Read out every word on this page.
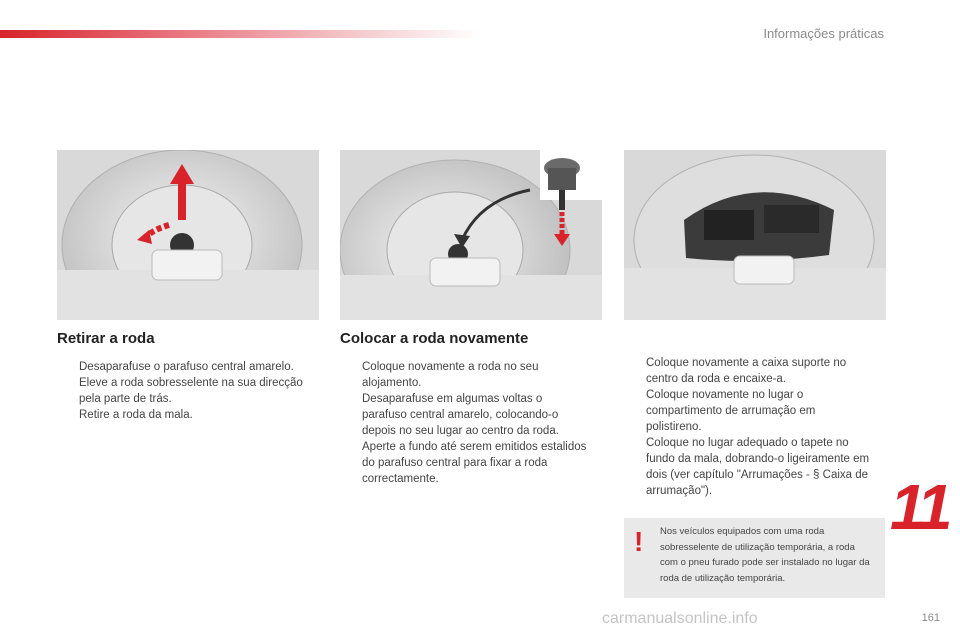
Informações práticas
Retirar a roda
Desaparafuse o parafuso central amarelo.
Eleve a roda sobresselente na sua direcção pela parte de trás.
Retire a roda da mala.
Colocar a roda novamente
Coloque novamente a roda no seu alojamento.
Desaparafuse em algumas voltas o parafuso central amarelo, colocando-o depois no seu lugar ao centro da roda.
Aperte a fundo até serem emitidos estalidos do parafuso central para fixar a roda correctamente.
Coloque novamente a caixa suporte no centro da roda e encaixe-a.
Coloque novamente no lugar o compartimento de arrumação em polistireno.
Coloque no lugar adequado o tapete no fundo da mala, dobrando-o ligeiramente em dois (ver capítulo "Arrumações - § Caixa de arrumação").	11
! Nos veículos equipados com uma roda sobresselente de utilização temporária, a roda com o pneu furado pode ser instalado no lugar da roda de utilização temporária.
carmanualsonline.info	161
